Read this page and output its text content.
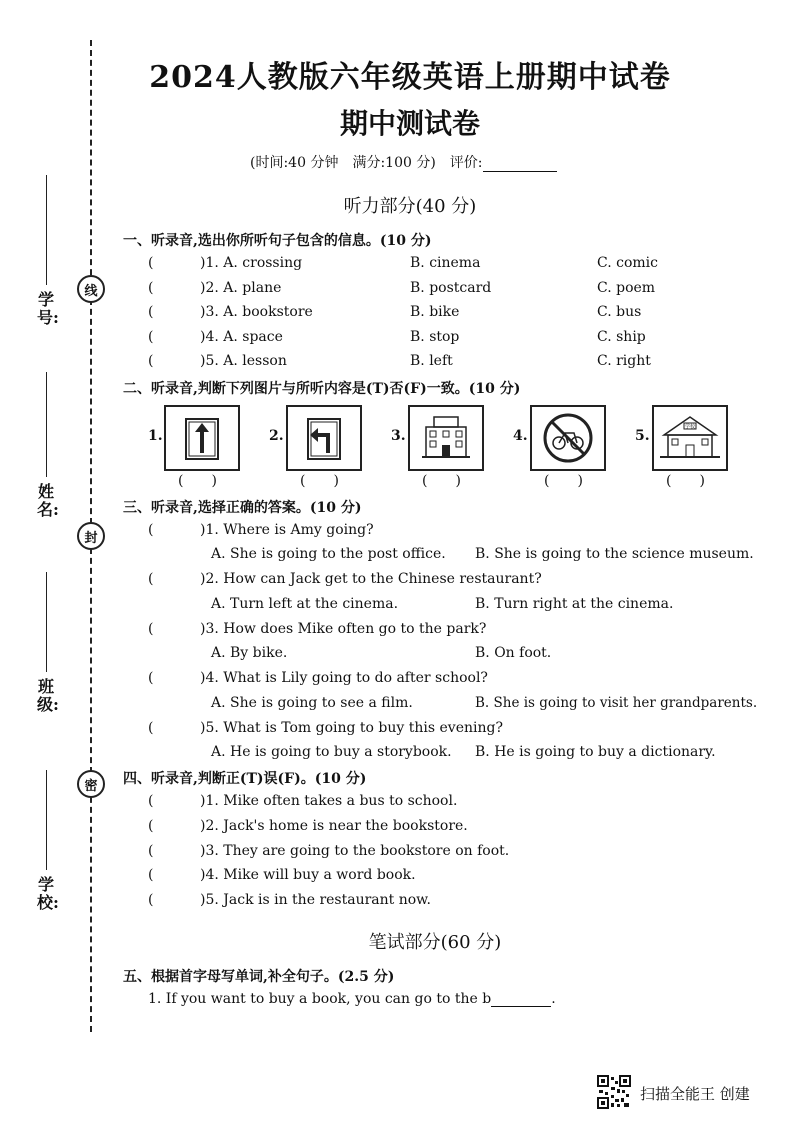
线
封
密
学号:
姓名:
班级:
学校:
2024人教版六年级英语上册期中试卷
期中测试卷
(时间:40 分钟　满分:100 分)　评价:
听力部分(40 分)
一、听录音,选出你所听句子包含的信息。(10 分)
(	)1. A. crossing	B. cinema	C. comic
(	)2. A. plane	B. postcard	C. poem
(	)3. A. bookstore	B. bike	C. bus
(	)4. A. space	B. stop	C. ship
(	)5. A. lesson	B. left	C. right
二、听录音,判断下列图片与所听内容是(T)否(F)一致。(10 分)
1.
(　　)
2.
(　　)
3.
(　　)
4.
(　　)
5.
学校
(　　)
三、听录音,选择正确的答案。(10 分)
(	)1. Where is Amy going?
A. She is going to the post office. B. She is going to the science museum.
(	)2. How can Jack get to the Chinese restaurant?
A. Turn left at the cinema.	B. Turn right at the cinema.
(	)3. How does Mike often go to the park?
A. By bike.	B. On foot.
(	)4. What is Lily going to do after school?
A. She is going to see a film.	B. She is going to visit her grandparents.
(	)5. What is Tom going to buy this evening?
A. He is going to buy a storybook. B. He is going to buy a dictionary.
四、听录音,判断正(T)误(F)。(10 分)
(	)1. Mike often takes a bus to school.
(	)2. Jack's home is near the bookstore.
(	)3. They are going to the bookstore on foot.
(	)4. Mike will buy a word book.
(	)5. Jack is in the restaurant now.
笔试部分(60 分)
五、根据首字母写单词,补全句子。(2.5 分)
1. If you want to buy a book, you can go to the b	.
扫描全能王 创建
